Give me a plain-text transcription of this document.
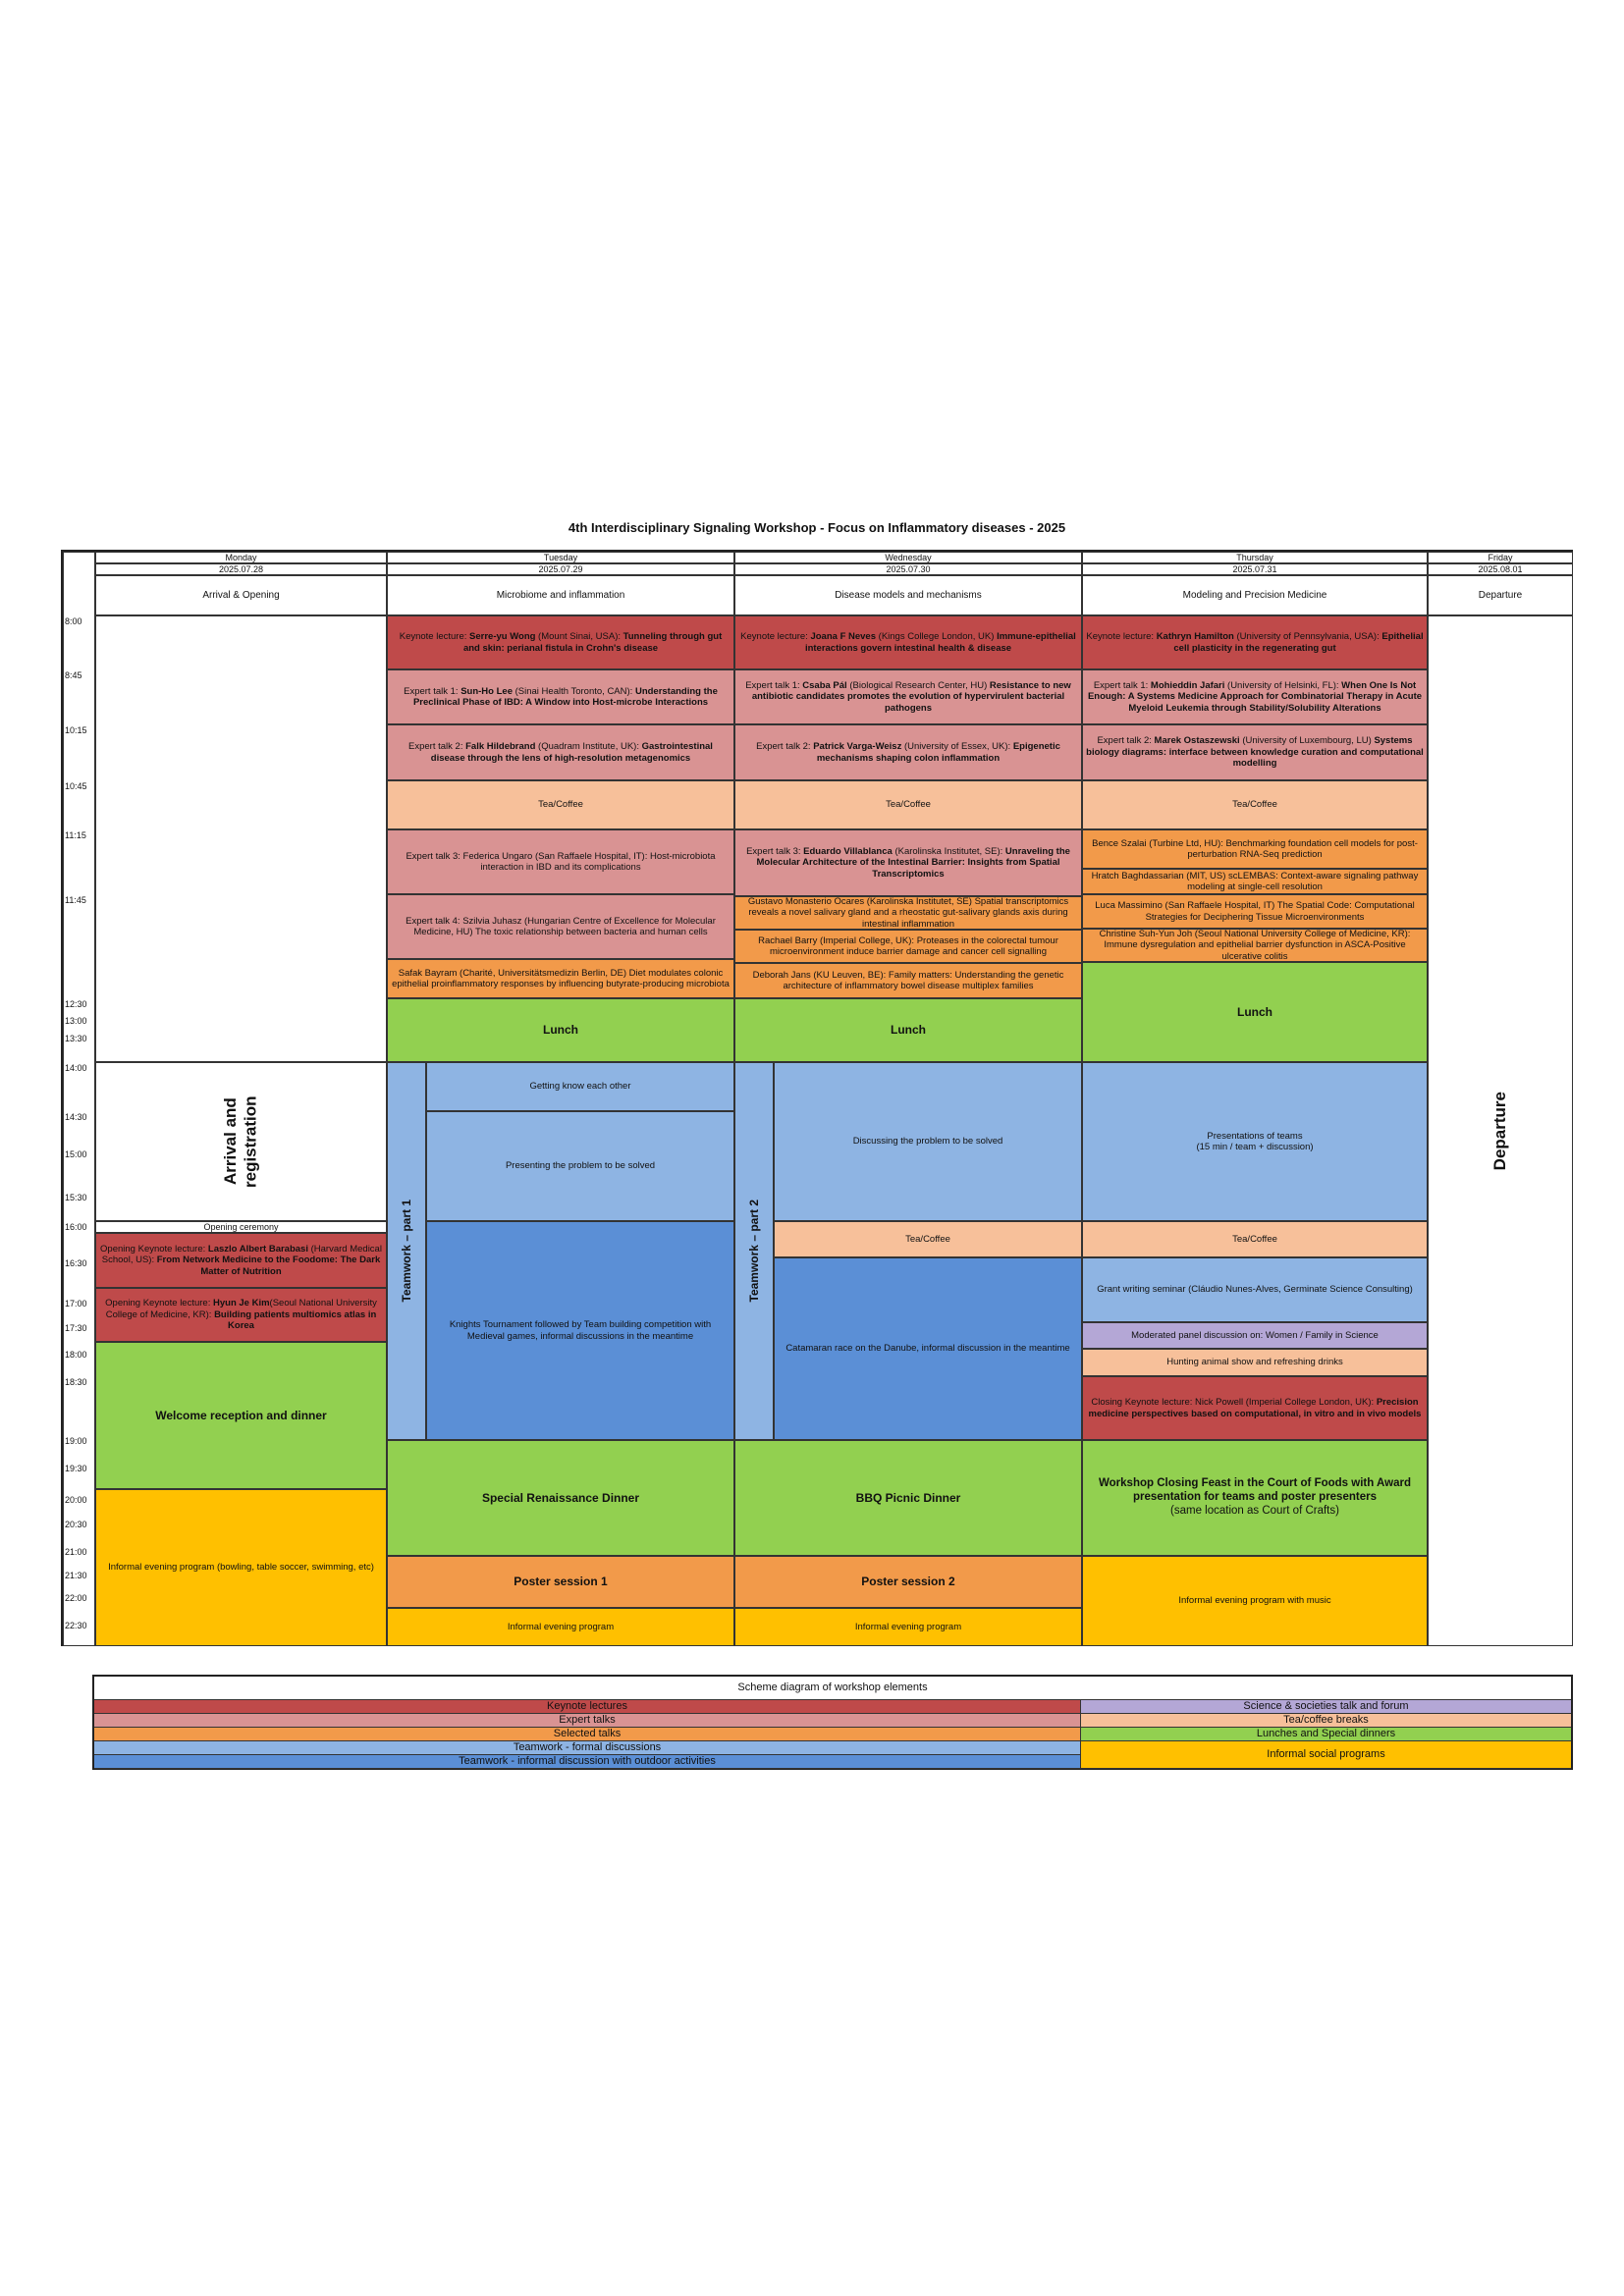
4th Interdisciplinary Signaling Workshop - Focus on Inflammatory diseases - 2025
Monday
2025.07.28
Arrival & Opening
Tuesday
2025.07.29
Microbiome and inflammation
Wednesday
2025.07.30
Disease models and mechanisms
Thursday
2025.07.31
Modeling and Precision Medicine
Friday
2025.08.01
Departure
8:00
8:45
10:15
10:45
11:15
11:45
12:30
13:00
13:30
14:00
14:30
15:00
15:30
16:00
16:30
17:00
17:30
18:00
18:30
19:00
19:30
20:00
20:30
21:00
21:30
22:00
22:30
Arrival and registration
Opening ceremony
Opening Keynote lecture: Laszlo Albert Barabasi (Harvard Medical School, US): From Network Medicine to the Foodome: The Dark Matter of Nutrition
Opening Keynote lecture: Hyun Je Kim(Seoul National University College of Medicine, KR): Building patients multiomics atlas in Korea
Welcome reception and dinner
Informal evening program (bowling, table soccer, swimming, etc)
Keynote lecture: Serre-yu Wong (Mount Sinai, USA): Tunneling through gut and skin: perianal fistula in Crohn's disease
Expert talk 1: Sun-Ho Lee (Sinai Health Toronto, CAN): Understanding the Preclinical Phase of IBD: A Window into Host-microbe Interactions
Expert talk 2: Falk Hildebrand (Quadram Institute, UK): Gastrointestinal disease through the lens of high-resolution metagenomics
Tea/Coffee
Expert talk 3: Federica Ungaro (San Raffaele Hospital, IT): Host-microbiota interaction in IBD and its complications
Expert talk 4: Szilvia Juhasz (Hungarian Centre of Excellence for Molecular Medicine, HU) The toxic relationship between bacteria and human cells
Safak Bayram (Charité, Universitätsmedizin Berlin, DE) Diet modulates colonic epithelial proinflammatory responses by influencing butyrate-producing microbiota
Lunch
Teamwork – part 1
Getting know each other
Presenting the problem to be solved
Knights Tournament followed by Team building competition with Medieval games, informal discussions in the meantime
Special Renaissance Dinner
Poster session 1
Informal evening program
Keynote lecture: Joana F Neves (Kings College London, UK) Immune-epithelial interactions govern intestinal health & disease
Expert talk 1: Csaba Pál (Biological Research Center, HU) Resistance to new antibiotic candidates promotes the evolution of hypervirulent bacterial pathogens
Expert talk 2: Patrick Varga-Weisz (University of Essex, UK): Epigenetic mechanisms shaping colon inflammation
Tea/Coffee
Expert talk 3: Eduardo Villablanca (Karolinska Institutet, SE): Unraveling the Molecular Architecture of the Intestinal Barrier: Insights from Spatial Transcriptomics
Gustavo Monasterio Ocares (Karolinska Institutet, SE) Spatial transcriptomics reveals a novel salivary gland and a rheostatic gut-salivary glands axis during intestinal inflammation
Rachael Barry (Imperial College, UK): Proteases in the colorectal tumour microenvironment induce barrier damage and cancer cell signalling
Deborah Jans (KU Leuven, BE): Family matters: Understanding the genetic architecture of inflammatory bowel disease multiplex families
Lunch
Teamwork – part 2
Discussing the problem to be solved
Tea/Coffee
Catamaran race on the Danube, informal discussion in the meantime
BBQ Picnic Dinner
Poster session 2
Informal evening program
Keynote lecture: Kathryn Hamilton (University of Pennsylvania, USA): Epithelial cell plasticity in the regenerating gut
Expert talk 1: Mohieddin Jafari (University of Helsinki, FL): When One Is Not Enough: A Systems Medicine Approach for Combinatorial Therapy in Acute Myeloid Leukemia through Stability/Solubility Alterations
Expert talk 2: Marek Ostaszewski (University of Luxembourg, LU) Systems biology diagrams: interface between knowledge curation and computational modelling
Tea/Coffee
Bence Szalai (Turbine Ltd, HU): Benchmarking foundation cell models for post-perturbation RNA-Seq prediction
Hratch Baghdassarian (MIT, US) scLEMBAS: Context-aware signaling pathway modeling at single-cell resolution
Luca Massimino (San Raffaele Hospital, IT) The Spatial Code: Computational Strategies for Deciphering Tissue Microenvironments
Christine Suh-Yun Joh (Seoul National University College of Medicine, KR): Immune dysregulation and epithelial barrier dysfunction in ASCA-Positive ulcerative colitis
Lunch
Presentations of teams
(15 min / team + discussion)
Tea/Coffee
Grant writing seminar (Cláudio Nunes-Alves, Germinate Science Consulting)
Moderated panel discussion on: Women / Family in Science
Hunting animal show and refreshing drinks
Closing Keynote lecture: Nick Powell (Imperial College London, UK): Precision medicine perspectives based on computational, in vitro and in vivo models
Workshop Closing Feast in the Court of Foods with Award presentation for teams and poster presenters
(same location as Court of Crafts)
Informal evening program with music
Departure
Scheme diagram of workshop elements
Keynote lectures
Expert talks
Selected talks
Teamwork - formal discussions
Teamwork - informal discussion with outdoor activities
Science & societies talk and forum
Tea/coffee breaks
Lunches and Special dinners
Informal social programs
